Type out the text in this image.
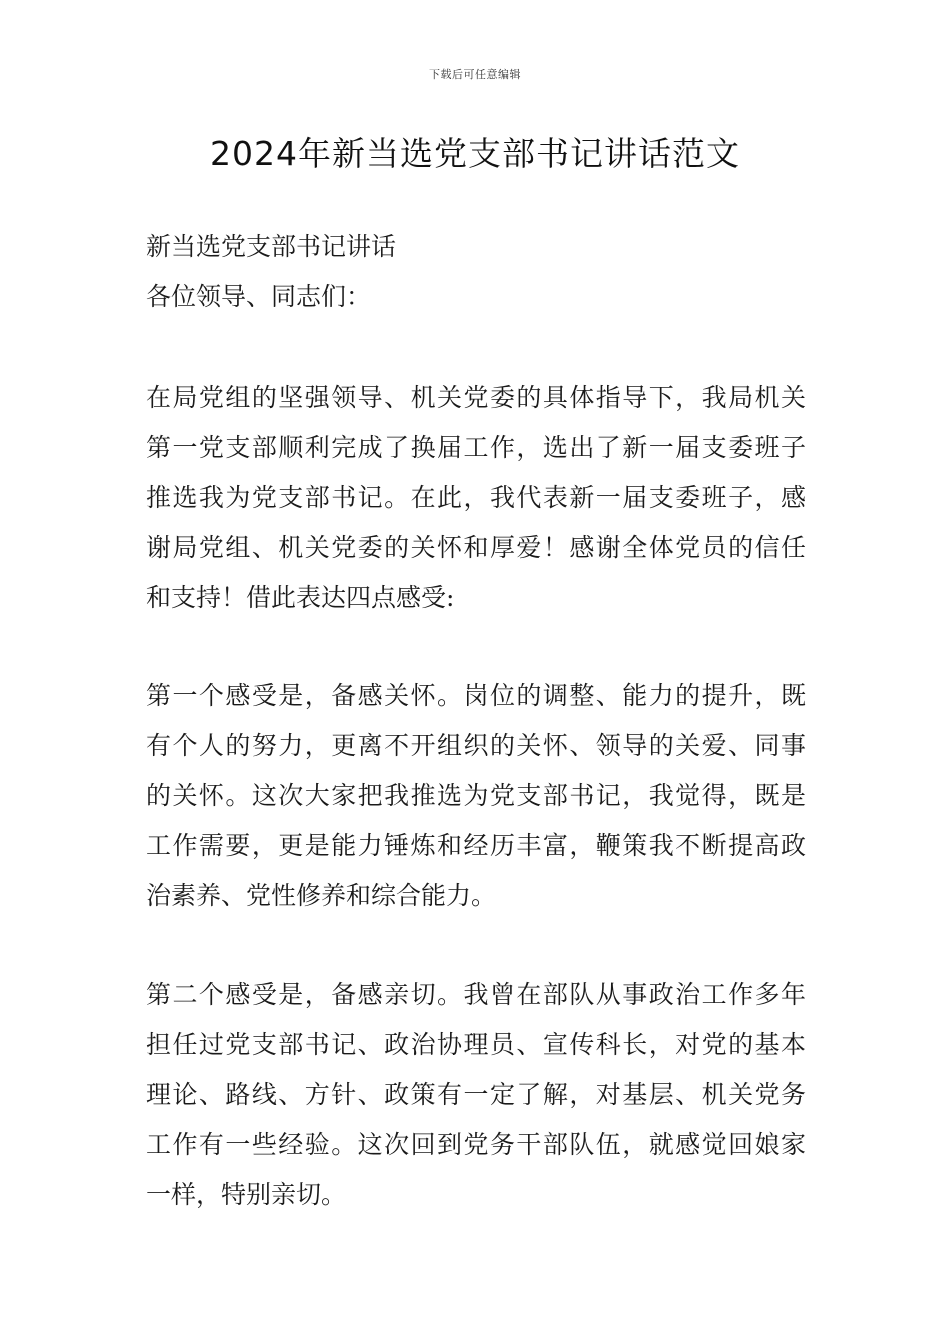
下载后可任意编辑
2024年新当选党支部书记讲话范文
新当选党支部书记讲话
各位领导、同志们：
在局党组的坚强领导、机关党委的具体指导下，我局机关
第一党支部顺利完成了换届工作，选出了新一届支委班子
推选我为党支部书记。在此，我代表新一届支委班子，感
谢局党组、机关党委的关怀和厚爱！感谢全体党员的信任
和支持！借此表达四点感受:
第一个感受是，备感关怀。岗位的调整、能力的提升，既
有个人的努力，更离不开组织的关怀、领导的关爱、同事
的关怀。这次大家把我推选为党支部书记，我觉得，既是
工作需要，更是能力锤炼和经历丰富，鞭策我不断提高政
治素养、党性修养和综合能力。
第二个感受是，备感亲切。我曾在部队从事政治工作多年
担任过党支部书记、政治协理员、宣传科长，对党的基本
理论、路线、方针、政策有一定了解，对基层、机关党务
工作有一些经验。这次回到党务干部队伍，就感觉回娘家
一样，特别亲切。
